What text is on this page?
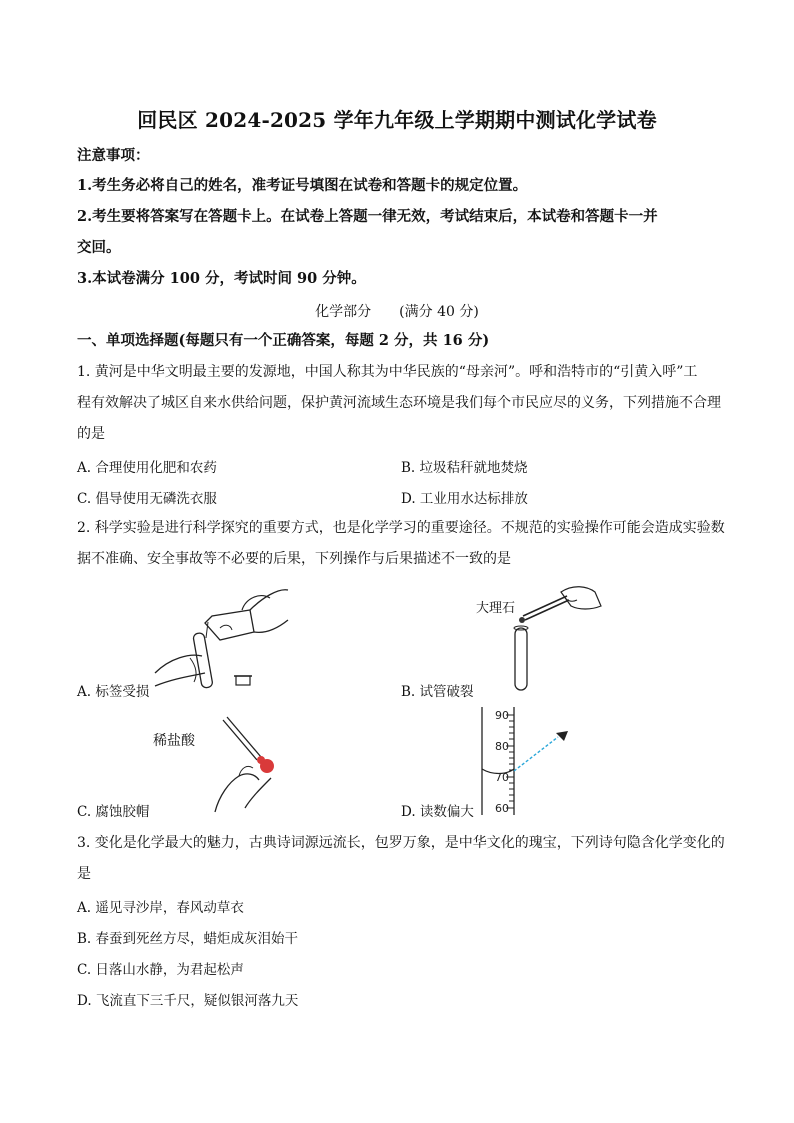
回民区 2024-2025 学年九年级上学期期中测试化学试卷
注意事项：
1.考生务必将自己的姓名，准考证号填图在试卷和答题卡的规定位置。
2.考生要将答案写在答题卡上。在试卷上答题一律无效，考试结束后，本试卷和答题卡一并
交回。
3.本试卷满分 100 分，考试时间 90 分钟。
化学部分　　(满分 40 分)
一、单项选择题(每题只有一个正确答案，每题 2 分，共 16 分)
1. 黄河是中华文明最主要的发源地，中国人称其为中华民族的“母亲河”。呼和浩特市的“引黄入呼”工
程有效解决了城区自来水供给问题，保护黄河流域生态环境是我们每个市民应尽的义务，下列措施不合理
的是
A. 合理使用化肥和农药	B. 垃圾秸秆就地焚烧
C. 倡导使用无磷洗衣服	D. 工业用水达标排放
2. 科学实验是进行科学探究的重要方式，也是化学学习的重要途径。不规范的实验操作可能会造成实验数
据不准确、安全事故等不必要的后果，下列操作与后果描述不一致的是
A. 标签受损
大理石
B. 试管破裂
稀盐酸
C. 腐蚀胶帽
90
80
70
60
D. 读数偏大
3. 变化是化学最大的魅力，古典诗词源远流长，包罗万象，是中华文化的瑰宝，下列诗句隐含化学变化的
是
A. 遥见寻沙岸，春风动草衣
B. 春蚕到死丝方尽，蜡炬成灰泪始干
C. 日落山水静，为君起松声
D. 飞流直下三千尺，疑似银河落九天
